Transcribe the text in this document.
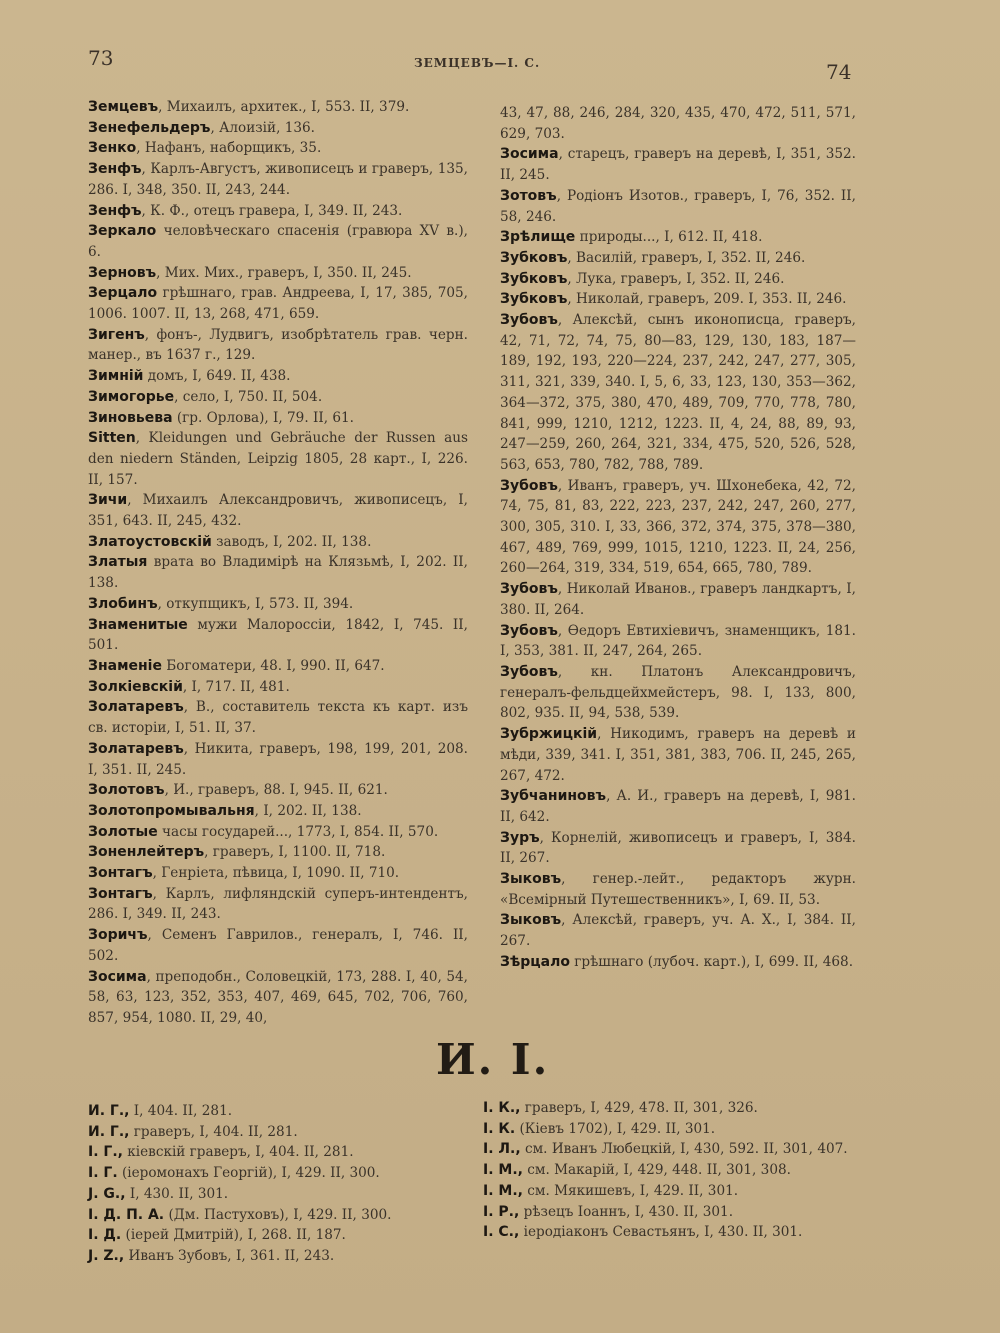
73	ЗЕМЦЕВЪ—І. С.	74

Земцевъ, Михаилъ, архитек., I, 553. II, 379.

Зенефельдеръ, Алоизій, 136.

Зенко, Нафанъ, наборщикъ, 35.

Зенфъ, Карлъ-Августъ, живописецъ и граверъ, 135, 286. I, 348, 350. II, 243, 244.

Зенфъ, К. Ф., отецъ гравера, I, 349. II, 243.

Зеркало человѣческаго спасенія (гравюра XV в.), 6.

Зерновъ, Мих. Мих., граверъ, I, 350. II, 245.

Зерцало грѣшнаго, грав. Андреева, I, 17, 385, 705, 1006. 1007. II, 13, 268, 471, 659.

Зигенъ, фонъ-, Лудвигъ, изобрѣтатель грав. черн. манер., въ 1637 г., 129.

Зимній домъ, I, 649. II, 438.

Зимогорье, село, I, 750. II, 504.

Зиновьева (гр. Орлова), I, 79. II, 61.

Sitten, Kleidungen und Gebräuche der Russen aus den niedern Ständen, Leipzig 1805, 28 карт., I, 226. II, 157.

Зичи, Михаилъ Александровичъ, живописецъ, I, 351, 643. II, 245, 432.

Златоустовскій заводъ, I, 202. II, 138.

Златыя врата во Владимірѣ на Клязьмѣ, I, 202. II, 138.

Злобинъ, откупщикъ, I, 573. II, 394.

Знаменитые мужи Малороссіи, 1842, I, 745. II, 501.

Знаменіе Богоматери, 48. I, 990. II, 647.

Золкіевскій, I, 717. II, 481.

Золатаревъ, В., составитель текста къ карт. изъ св. исторіи, I, 51. II, 37.

Золатаревъ, Никита, граверъ, 198, 199, 201, 208. I, 351. II, 245.

Золотовъ, И., граверъ, 88. I, 945. II, 621.

Золотопромывальня, I, 202. II, 138.

Золотые часы государей..., 1773, I, 854. II, 570.

Зоненлейтеръ, граверъ, I, 1100. II, 718.

Зонтагъ, Генріета, пѣвица, I, 1090. II, 710.

Зонтагъ, Карлъ, лифляндскій суперъ-интендентъ, 286. I, 349. II, 243.

Зоричъ, Семенъ Гаврилов., генералъ, I, 746. II, 502.

Зосима, преподобн., Соловецкій, 173, 288. I, 40, 54, 58, 63, 123, 352, 353, 407, 469, 645, 702, 706, 760, 857, 954, 1080. II, 29, 40,

43, 47, 88, 246, 284, 320, 435, 470, 472, 511, 571, 629, 703.

Зосима, старецъ, граверъ на деревѣ, I, 351, 352. II, 245.

Зотовъ, Родіонъ Изотов., граверъ, I, 76, 352. II, 58, 246.

Зрѣлище природы..., I, 612. II, 418.

Зубковъ, Василій, граверъ, I, 352. II, 246.

Зубковъ, Лука, граверъ, I, 352. II, 246.

Зубковъ, Николай, граверъ, 209. I, 353. II, 246.

Зубовъ, Алексѣй, сынъ иконописца, граверъ, 42, 71, 72, 74, 75, 80—83, 129, 130, 183, 187—189, 192, 193, 220—224, 237, 242, 247, 277, 305, 311, 321, 339, 340. I, 5, 6, 33, 123, 130, 353—362, 364—372, 375, 380, 470, 489, 709, 770, 778, 780, 841, 999, 1210, 1212, 1223. II, 4, 24, 88, 89, 93, 247—259, 260, 264, 321, 334, 475, 520, 526, 528, 563, 653, 780, 782, 788, 789.

Зубовъ, Иванъ, граверъ, уч. Шхонебека, 42, 72, 74, 75, 81, 83, 222, 223, 237, 242, 247, 260, 277, 300, 305, 310. I, 33, 366, 372, 374, 375, 378—380, 467, 489, 769, 999, 1015, 1210, 1223. II, 24, 256, 260—264, 319, 334, 519, 654, 665, 780, 789.

Зубовъ, Николай Иванов., граверъ ландкартъ, I, 380. II, 264.

Зубовъ, Ѳедоръ Евтихіевичъ, знаменщикъ, 181. I, 353, 381. II, 247, 264, 265.

Зубовъ, кн. Платонъ Александровичъ, генералъ-фельдцейхмейстеръ, 98. I, 133, 800, 802, 935. II, 94, 538, 539.

Зубржицкій, Никодимъ, граверъ на деревѣ и мѣди, 339, 341. I, 351, 381, 383, 706. II, 245, 265, 267, 472.

Зубчаниновъ, А. И., граверъ на деревѣ, I, 981. II, 642.

Зуръ, Корнелій, живописецъ и граверъ, I, 384. II, 267.

Зыковъ, генер.-лейт., редакторъ журн. «Всемірный Путешественникъ», I, 69. II, 53.

Зыковъ, Алексѣй, граверъ, уч. А. Х., I, 384. II, 267.

Зѣрцало грѣшнаго (лубоч. карт.), I, 699. II, 468.

И. І.

И. Г., I, 404. II, 281.

И. Г., граверъ, I, 404. II, 281.

І. Г., кіевскій граверъ, I, 404. II, 281.

І. Г. (іеромонахъ Георгій), I, 429. II, 300.

J. G., I, 430. II, 301.

І. Д. П. А. (Дм. Пастуховъ), I, 429. II, 300.

І. Д. (іерей Дмитрій), I, 268. II, 187.

J. Z., Иванъ Зубовъ, I, 361. II, 243.

І. К., граверъ, I, 429, 478. II, 301, 326.

І. К. (Кіевъ 1702), I, 429. II, 301.

І. Л., см. Иванъ Любецкій, I, 430, 592. II, 301, 407.

І. М., см. Макарій, I, 429, 448. II, 301, 308.

І. М., см. Мякишевъ, I, 429. II, 301.

І. Р., рѣзецъ Іоаннъ, I, 430. II, 301.

І. С., іеродіаконъ Севастьянъ, I, 430. II, 301.
